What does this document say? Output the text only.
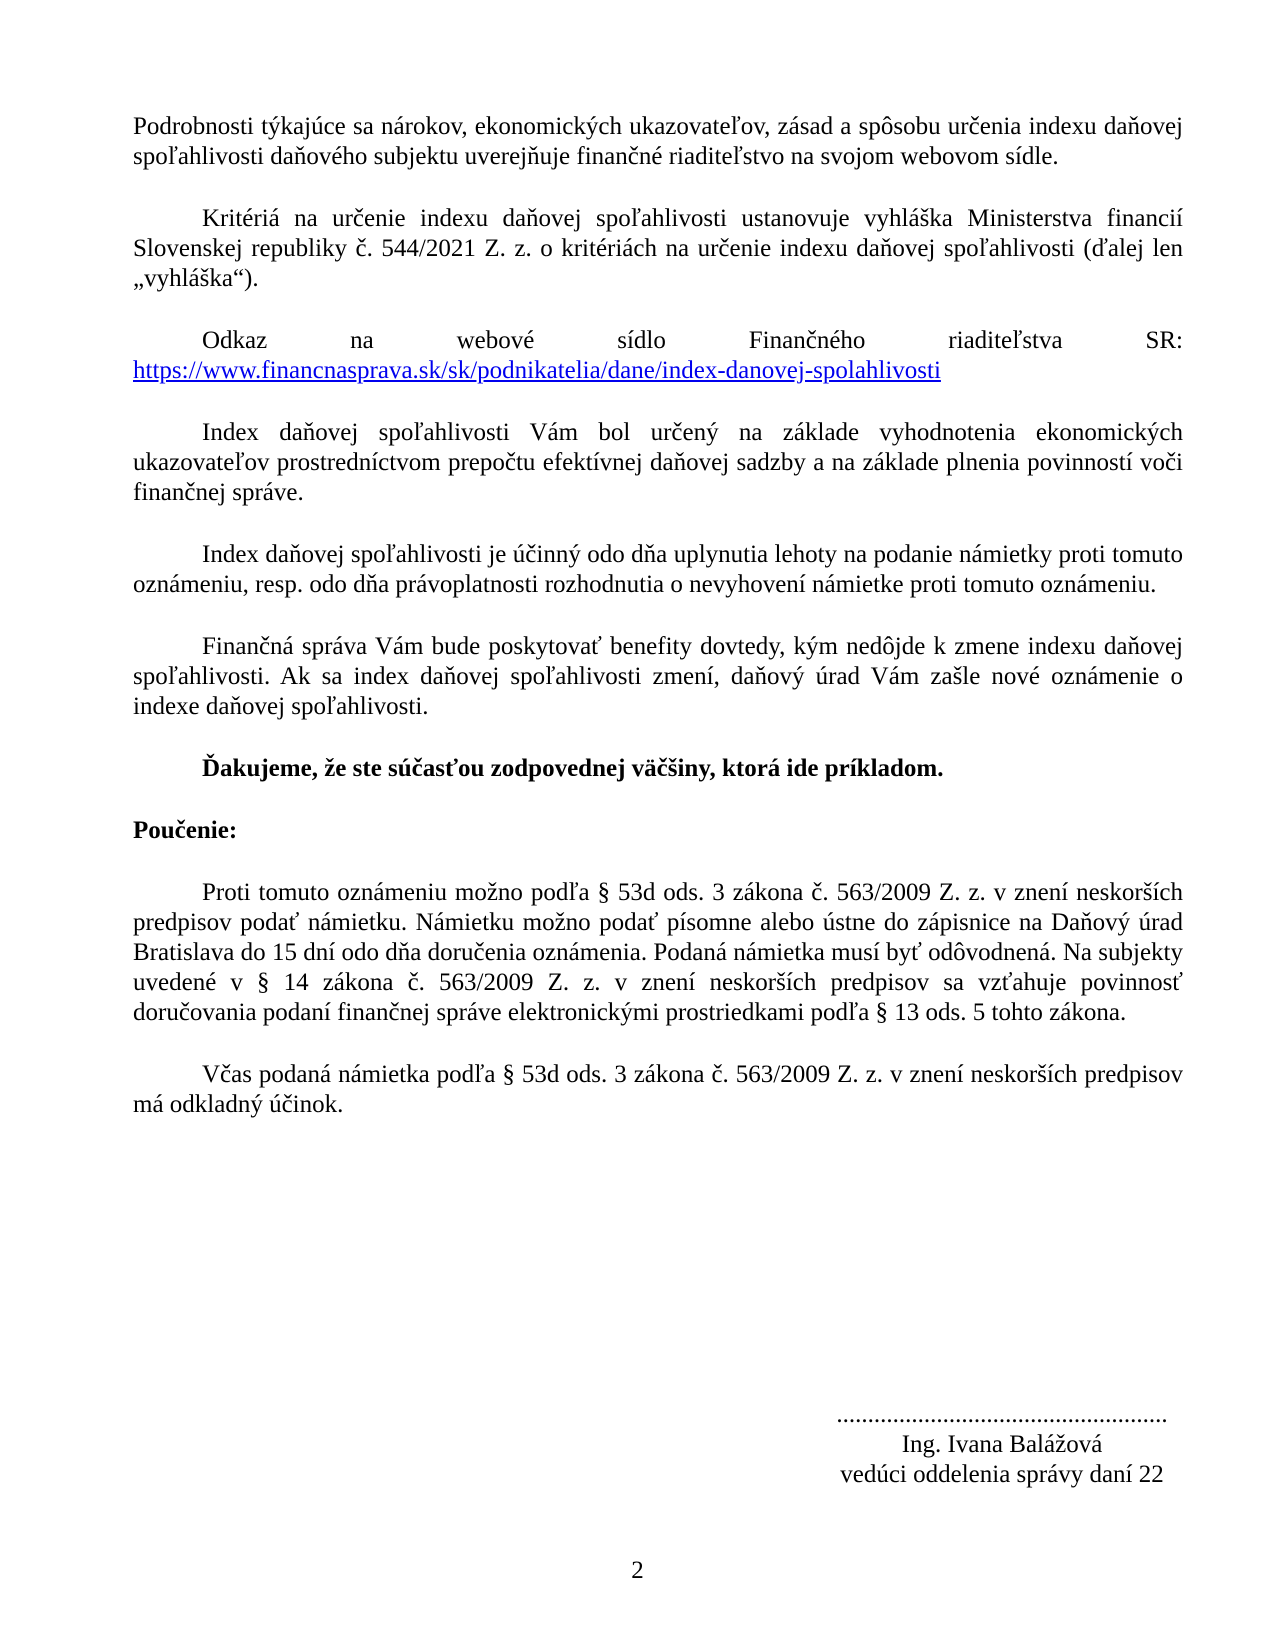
Podrobnosti týkajúce sa nárokov, ekonomických ukazovateľov, zásad a spôsobu určenia indexu daňovej spoľahlivosti daňového subjektu uverejňuje finančné riaditeľstvo na svojom webovom sídle.

Kritériá na určenie indexu daňovej spoľahlivosti ustanovuje vyhláška Ministerstva financií Slovenskej republiky č. 544/2021 Z. z. o kritériách na určenie indexu daňovej spoľahlivosti (ďalej len „vyhláška“).

Odkaz na webové sídlo Finančného riaditeľstva SR: https://www.financnasprava.sk/sk/podnikatelia/dane/index-danovej-spolahlivosti

Index daňovej spoľahlivosti Vám bol určený na základe vyhodnotenia ekonomických ukazovateľov prostredníctvom prepočtu efektívnej daňovej sadzby a na základe plnenia povinností voči finančnej správe.

Index daňovej spoľahlivosti je účinný odo dňa uplynutia lehoty na podanie námietky proti tomuto oznámeniu, resp. odo dňa právoplatnosti rozhodnutia o nevyhovení námietke proti tomuto oznámeniu.

Finančná správa Vám bude poskytovať benefity dovtedy, kým nedôjde k zmene indexu daňovej spoľahlivosti. Ak sa index daňovej spoľahlivosti zmení, daňový úrad Vám zašle nové oznámenie o indexe daňovej spoľahlivosti.

Ďakujeme, že ste súčasťou zodpovednej väčšiny, ktorá ide príkladom.

Poučenie:

Proti tomuto oznámeniu možno podľa § 53d ods. 3 zákona č. 563/2009 Z. z. v znení neskorších predpisov podať námietku. Námietku možno podať písomne alebo ústne do zápisnice na Daňový úrad Bratislava do 15 dní odo dňa doručenia oznámenia. Podaná námietka musí byť odôvodnená. Na subjekty uvedené v § 14 zákona č. 563/2009 Z. z. v znení neskorších predpisov sa vzťahuje povinnosť doručovania podaní finančnej správe elektronickými prostriedkami podľa § 13 ods. 5 tohto zákona.

Včas podaná námietka podľa § 53d ods. 3 zákona č. 563/2009 Z. z. v znení neskorších predpisov má odkladný účinok.

.....................................................
Ing. Ivana Balážová
vedúci oddelenia správy daní 22
2
